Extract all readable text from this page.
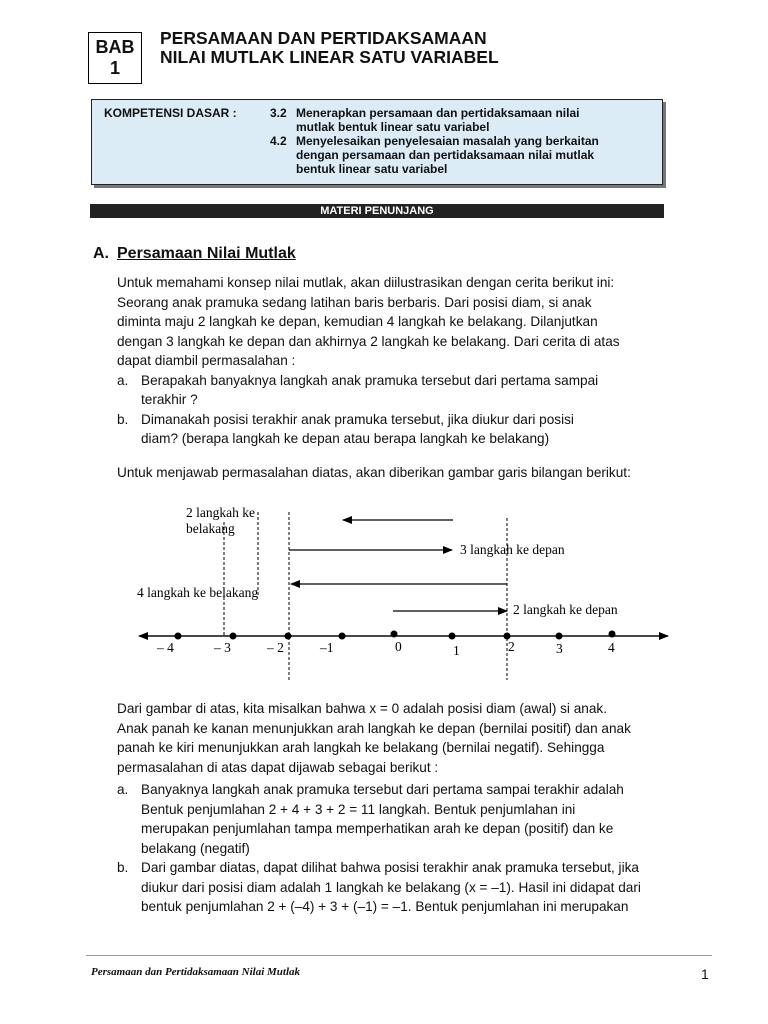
BAB
1
PERSAMAAN DAN PERTIDAKSAMAAN
NILAI MUTLAK LINEAR SATU VARIABEL
KOMPETENSI DASAR :	3.2 Menerapkan persamaan dan pertidaksamaan nilai
mutlak bentuk linear satu variabel
4.2 Menyelesaikan penyelesaian masalah yang berkaitan
dengan persamaan dan pertidaksamaan nilai mutlak
bentuk linear satu variabel
MATERI PENUNJANG
A. Persamaan Nilai Mutlak

Untuk memahami konsep nilai mutlak, akan diilustrasikan dengan cerita berikut ini:

Seorang anak pramuka sedang latihan baris berbaris. Dari posisi diam, si anak

diminta maju 2 langkah ke depan, kemudian 4 langkah ke belakang. Dilanjutkan

dengan 3 langkah ke depan dan akhirnya 2 langkah ke belakang. Dari cerita di atas

dapat diambil permasalahan :

a. Berapakah banyaknya langkah anak pramuka tersebut dari pertama sampai

terakhir ?

b. Dimanakah posisi terakhir anak pramuka tersebut, jika diukur dari posisi

diam? (berapa langkah ke depan atau berapa langkah ke belakang)

Untuk menjawab permasalahan diatas, akan diberikan gambar garis bilangan berikut:
2 langkah ke
belakang
3 langkah ke depan
4 langkah ke belakang
2 langkah ke depan
– 4	– 3	– 2	–1	0	1	2	3	4

Dari gambar di atas, kita misalkan bahwa x = 0 adalah posisi diam (awal) si anak.

Anak panah ke kanan menunjukkan arah langkah ke depan (bernilai positif) dan anak

panah ke kiri menunjukkan arah langkah ke belakang (bernilai negatif). Sehingga

permasalahan di atas dapat dijawab sebagai berikut :

a. Banyaknya langkah anak pramuka tersebut dari pertama sampai terakhir adalah

Bentuk penjumlahan 2 + 4 + 3 + 2 = 11 langkah. Bentuk penjumlahan ini

merupakan penjumlahan tampa memperhatikan arah ke depan (positif) dan ke

belakang (negatif)

b. Dari gambar diatas, dapat dilihat bahwa posisi terakhir anak pramuka tersebut, jika

diukur dari posisi diam adalah 1 langkah ke belakang (x = –1). Hasil ini didapat dari

bentuk penjumlahan 2 + (–4) + 3 + (–1) = –1. Bentuk penjumlahan ini merupakan

Persamaan dan Pertidaksamaan Nilai Mutlak	1
